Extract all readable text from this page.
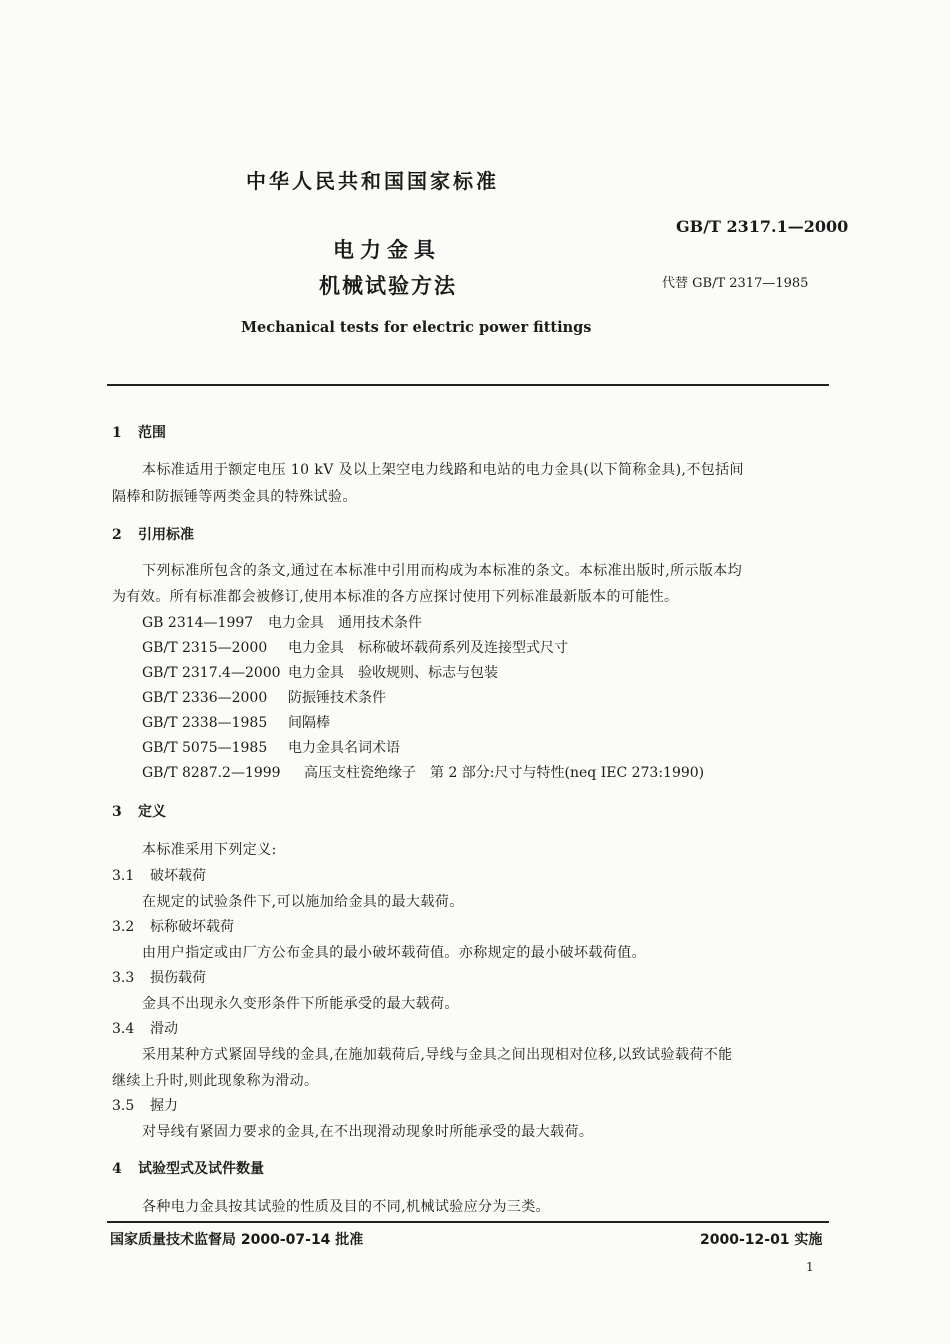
中华人民共和国国家标准
GB/T 2317.1—2000
电力金具
机械试验方法	代替 GB/T 2317—1985
Mechanical tests for electric power fittings
1 范围
本标准适用于额定电压 10 kV 及以上架空电力线路和电站的电力金具(以下简称金具),不包括间
隔棒和防振锤等两类金具的特殊试验。
2 引用标准
下列标准所包含的条文,通过在本标准中引用而构成为本标准的条文。本标准出版时,所示版本均
为有效。所有标准都会被修订,使用本标准的各方应探讨使用下列标准最新版本的可能性。
GB 2314—1997 电力金具　通用技术条件
GB/T 2315—2000 电力金具　标称破坏载荷系列及连接型式尺寸
GB/T 2317.4—2000 电力金具　验收规则、标志与包装
GB/T 2336—2000 防振锤技术条件
GB/T 2338—1985 间隔棒
GB/T 5075—1985 电力金具名词术语
GB/T 8287.2—1999 高压支柱瓷绝缘子　第 2 部分:尺寸与特性(neq IEC 273:1990)
3 定义
本标准采用下列定义:
3.1 破坏载荷
在规定的试验条件下,可以施加给金具的最大载荷。
3.2 标称破坏载荷
由用户指定或由厂方公布金具的最小破坏载荷值。亦称规定的最小破坏载荷值。
3.3 损伤载荷
金具不出现永久变形条件下所能承受的最大载荷。
3.4 滑动
采用某种方式紧固导线的金具,在施加载荷后,导线与金具之间出现相对位移,以致试验载荷不能
继续上升时,则此现象称为滑动。
3.5 握力
对导线有紧固力要求的金具,在不出现滑动现象时所能承受的最大载荷。
4 试验型式及试件数量
各种电力金具按其试验的性质及目的不同,机械试验应分为三类。
国家质量技术监督局 2000-07-14 批准	2000-12-01 实施
1
